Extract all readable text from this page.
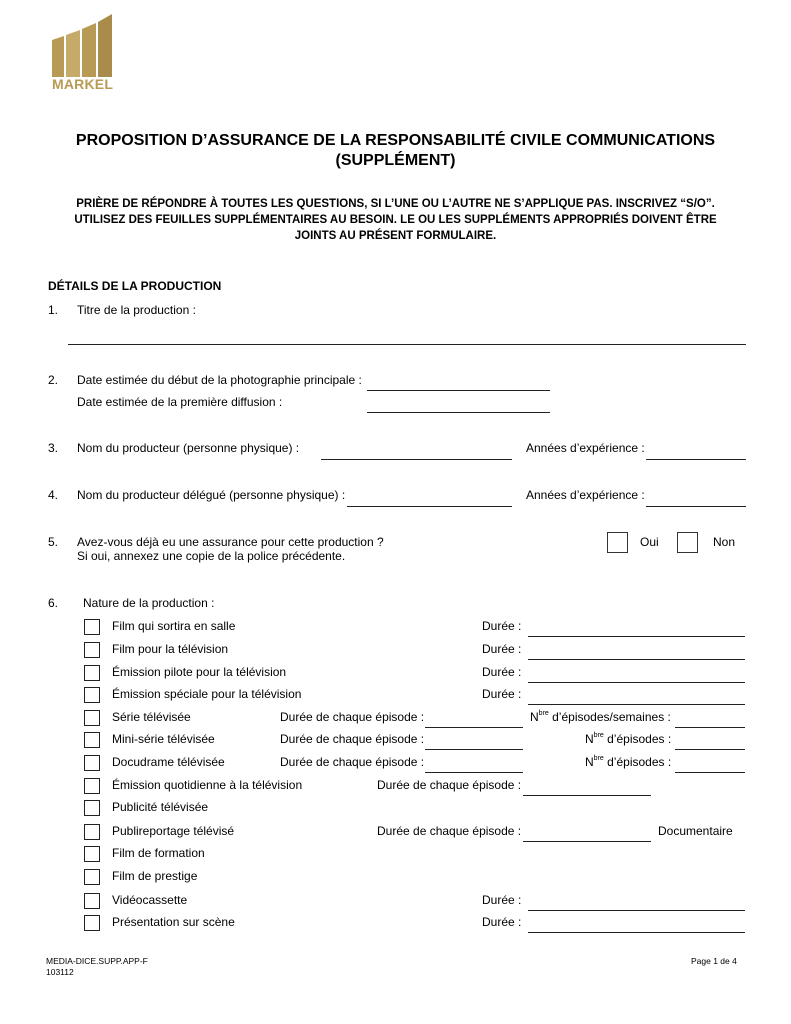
MARKEL
PROPOSITION D’ASSURANCE DE LA RESPONSABILITÉ CIVILE COMMUNICATIONS (SUPPLÉMENT)
PRIÈRE DE RÉPONDRE À TOUTES LES QUESTIONS, SI L’UNE OU L’AUTRE NE S’APPLIQUE PAS. INSCRIVEZ “S/O”. UTILISEZ DES FEUILLES SUPPLÉMENTAIRES AU BESOIN. LE OU LES SUPPLÉMENTS APPROPRIÉS DOIVENT ÊTRE JOINTS AU PRÉSENT FORMULAIRE.
DÉTAILS DE LA PRODUCTION
1. Titre de la production :
2. Date estimée du début de la photographie principale :
Date estimée de la première diffusion :
3. Nom du producteur (personne physique) :	Années d’expérience :
4. Nom du producteur délégué (personne physique) :	Années d’expérience :
5. Avez-vous déjà eu une assurance pour cette production ?
Si oui, annexez une copie de la police précédente.
Oui	Non
6. Nature de la production :
Film qui sortira en salle	Durée :
Film pour la télévision	Durée :
Émission pilote pour la télévision	Durée :
Émission spéciale pour la télévision	Durée :
Série télévisée	Durée de chaque épisode :	$N^{bre}$ d’épisodes/semaines :
Mini-série télévisée	Durée de chaque épisode :	$N^{bre}$ d’épisodes :
Docudrame télévisée	Durée de chaque épisode :	$N^{bre}$ d’épisodes :
Émission quotidienne à la télévision	Durée de chaque épisode :
Publicité télévisée
Publireportage télévisé	Durée de chaque épisode :	Documentaire
Film de formation
Film de prestige
Vidéocassette	Durée :
Présentation sur scène	Durée :
MEDIA-DICE.SUPP.APP-F
103112
Page 1 de 4
